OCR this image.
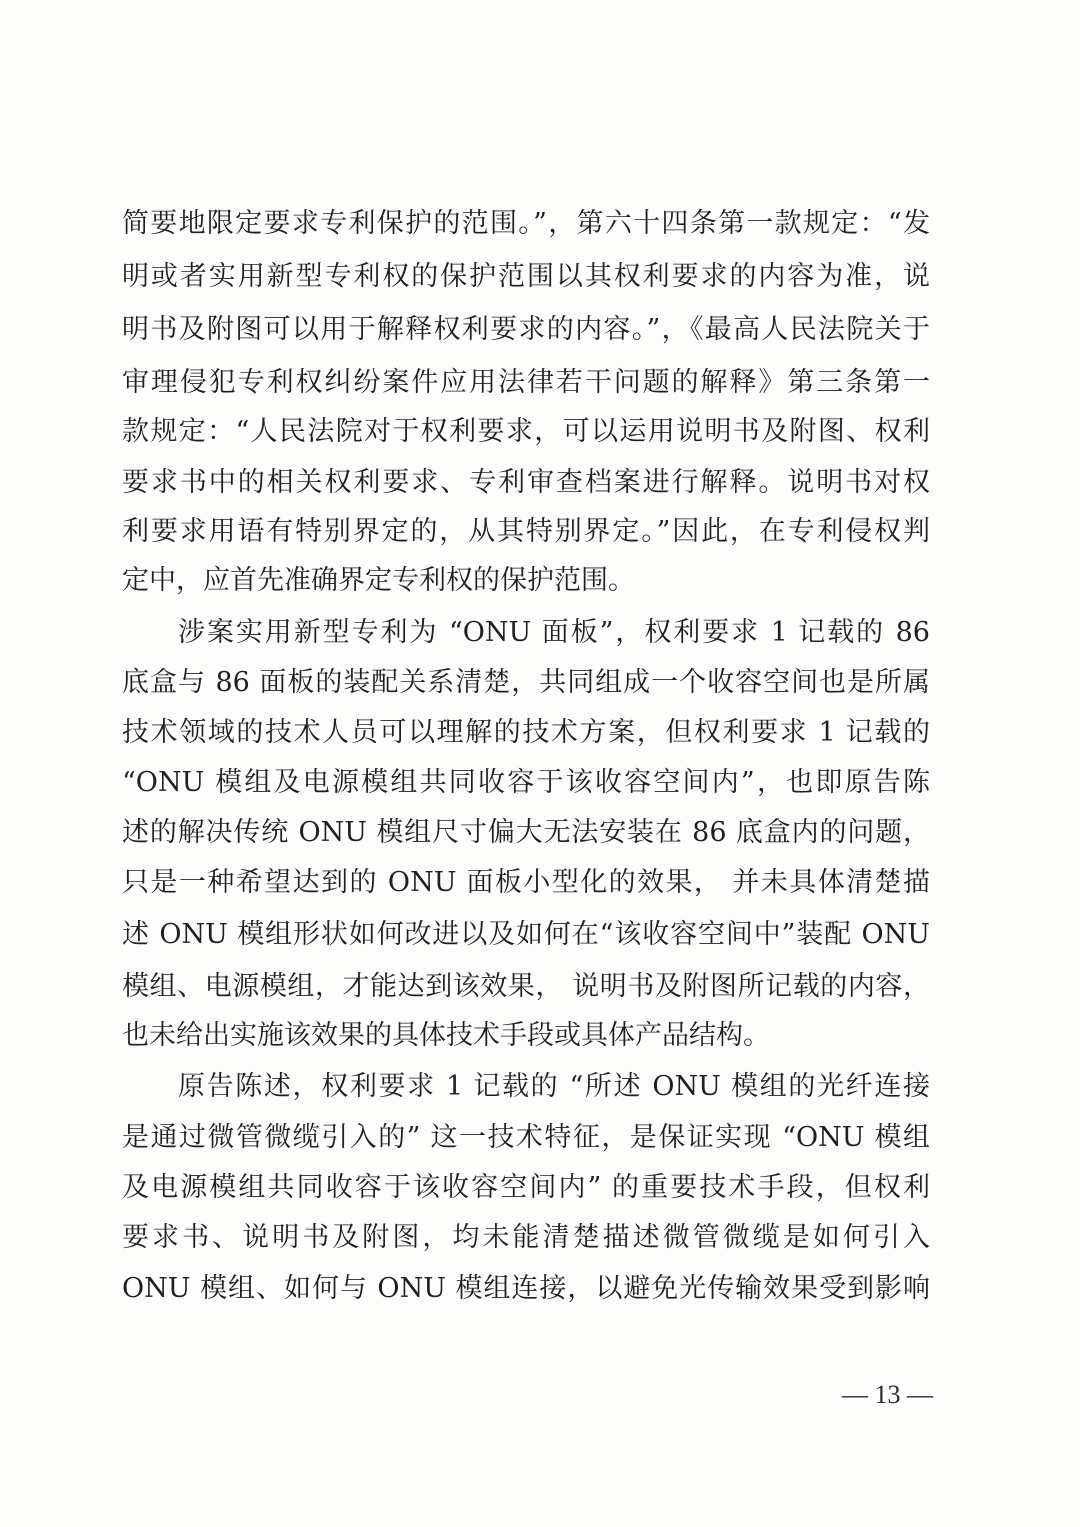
简要地限定要求专利保护的范围。”，第六十四条第一款规定：“发

明或者实用新型专利权的保护范围以其权利要求的内容为准，说

明书及附图可以用于解释权利要求的内容。”，《最高人民法院关于

审理侵犯专利权纠纷案件应用法律若干问题的解释》第三条第一

款规定：“人民法院对于权利要求，可以运用说明书及附图、权利

要求书中的相关权利要求、专利审查档案进行解释。说明书对权

利要求用语有特别界定的，从其特别界定。”因此，在专利侵权判

定中，应首先准确界定专利权的保护范围。

涉案实用新型专利为 “ONU 面板”，权利要求 1 记载的 86

底盒与 86 面板的装配关系清楚，共同组成一个收容空间也是所属

技术领域的技术人员可以理解的技术方案，但权利要求 1 记载的

“ONU 模组及电源模组共同收容于该收容空间内”，也即原告陈

述的解决传统 ONU 模组尺寸偏大无法安装在 86 底盒内的问题，

只是一种希望达到的 ONU 面板小型化的效果， 并未具体清楚描

述 ONU 模组形状如何改进以及如何在“该收容空间中”装配 ONU

模组、电源模组，才能达到该效果， 说明书及附图所记载的内容，

也未给出实施该效果的具体技术手段或具体产品结构。

原告陈述，权利要求 1 记载的 “所述 ONU 模组的光纤连接

是通过微管微缆引入的” 这一技术特征，是保证实现 “ONU 模组

及电源模组共同收容于该收容空间内” 的重要技术手段，但权利

要求书、说明书及附图，均未能清楚描述微管微缆是如何引入

ONU 模组、如何与 ONU 模组连接，以避免光传输效果受到影响

— 13 —
